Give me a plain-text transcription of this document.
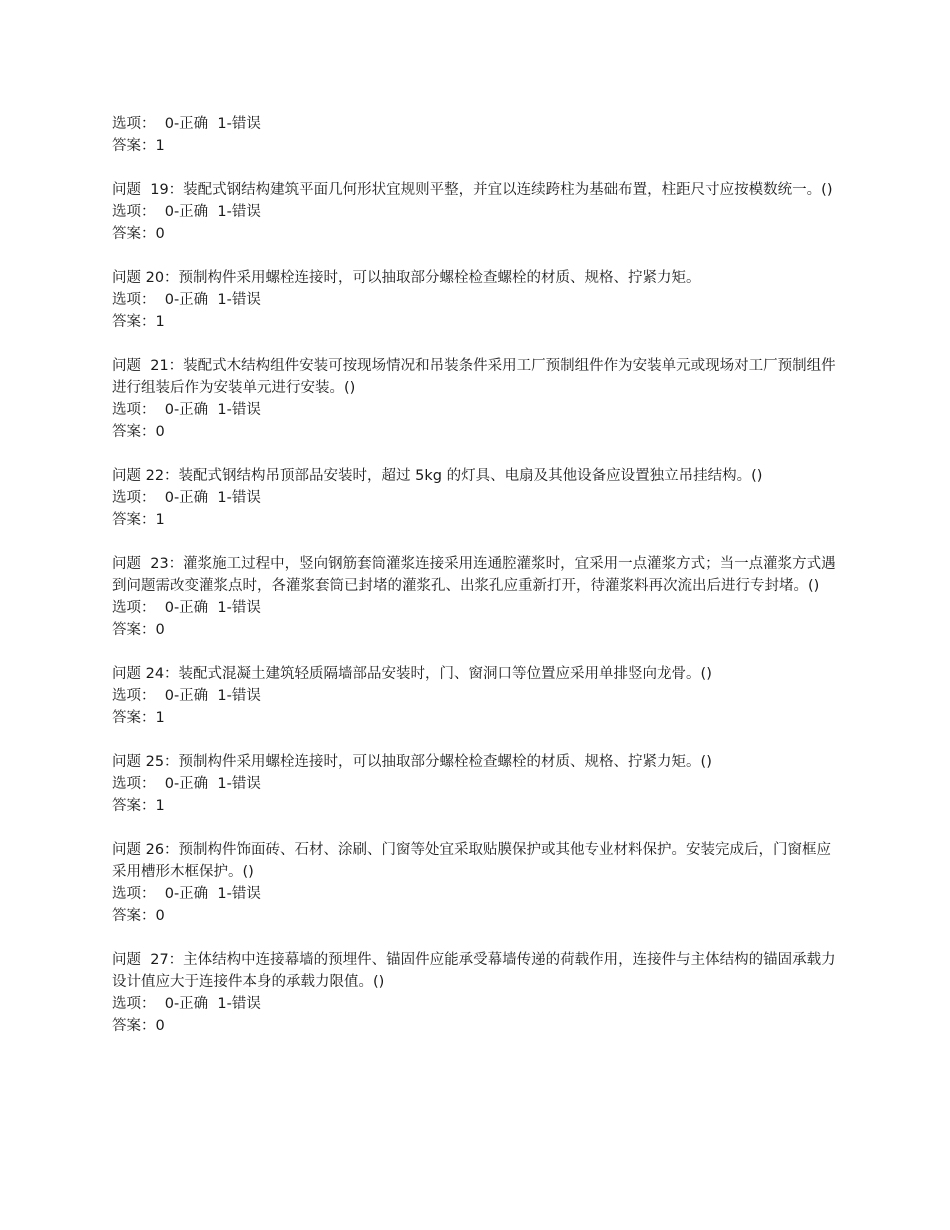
选项：  0-正确  1-错误

答案：1

问题  19：装配式钢结构建筑平面几何形状宜规则平整，并宜以连续跨柱为基础布置，柱距尺寸应按模数统一。()

选项：  0-正确  1-错误

答案：0

问题 20：预制构件采用螺栓连接时，可以抽取部分螺栓检查螺栓的材质、规格、拧紧力矩。

选项：  0-正确  1-错误

答案：1

问题  21：装配式木结构组件安装可按现场情况和吊装条件采用工厂预制组件作为安装单元或现场对工厂预制组件进行组装后作为安装单元进行安装。()

选项：  0-正确  1-错误

答案：0

问题 22：装配式钢结构吊顶部品安装时，超过 5kg 的灯具、电扇及其他设备应设置独立吊挂结构。()

选项：  0-正确  1-错误

答案：1

问题  23：灌浆施工过程中，竖向钢筋套筒灌浆连接采用连通腔灌浆时，宜采用一点灌浆方式；当一点灌浆方式遇到问题需改变灌浆点时，各灌浆套筒已封堵的灌浆孔、出浆孔应重新打开，待灌浆料再次流出后进行专封堵。()

选项：  0-正确  1-错误

答案：0

问题 24：装配式混凝土建筑轻质隔墙部品安装时，门、窗洞口等位置应采用单排竖向龙骨。()

选项：  0-正确  1-错误

答案：1

问题 25：预制构件采用螺栓连接时，可以抽取部分螺栓检查螺栓的材质、规格、拧紧力矩。()

选项：  0-正确  1-错误

答案：1

问题 26：预制构件饰面砖、石材、涂刷、门窗等处宜采取贴膜保护或其他专业材料保护。安装完成后，门窗框应采用槽形木框保护。()

选项：  0-正确  1-错误

答案：0

问题  27：主体结构中连接幕墙的预埋件、锚固件应能承受幕墙传递的荷载作用，连接件与主体结构的锚固承载力设计值应大于连接件本身的承载力限值。()

选项：  0-正确  1-错误

答案：0
